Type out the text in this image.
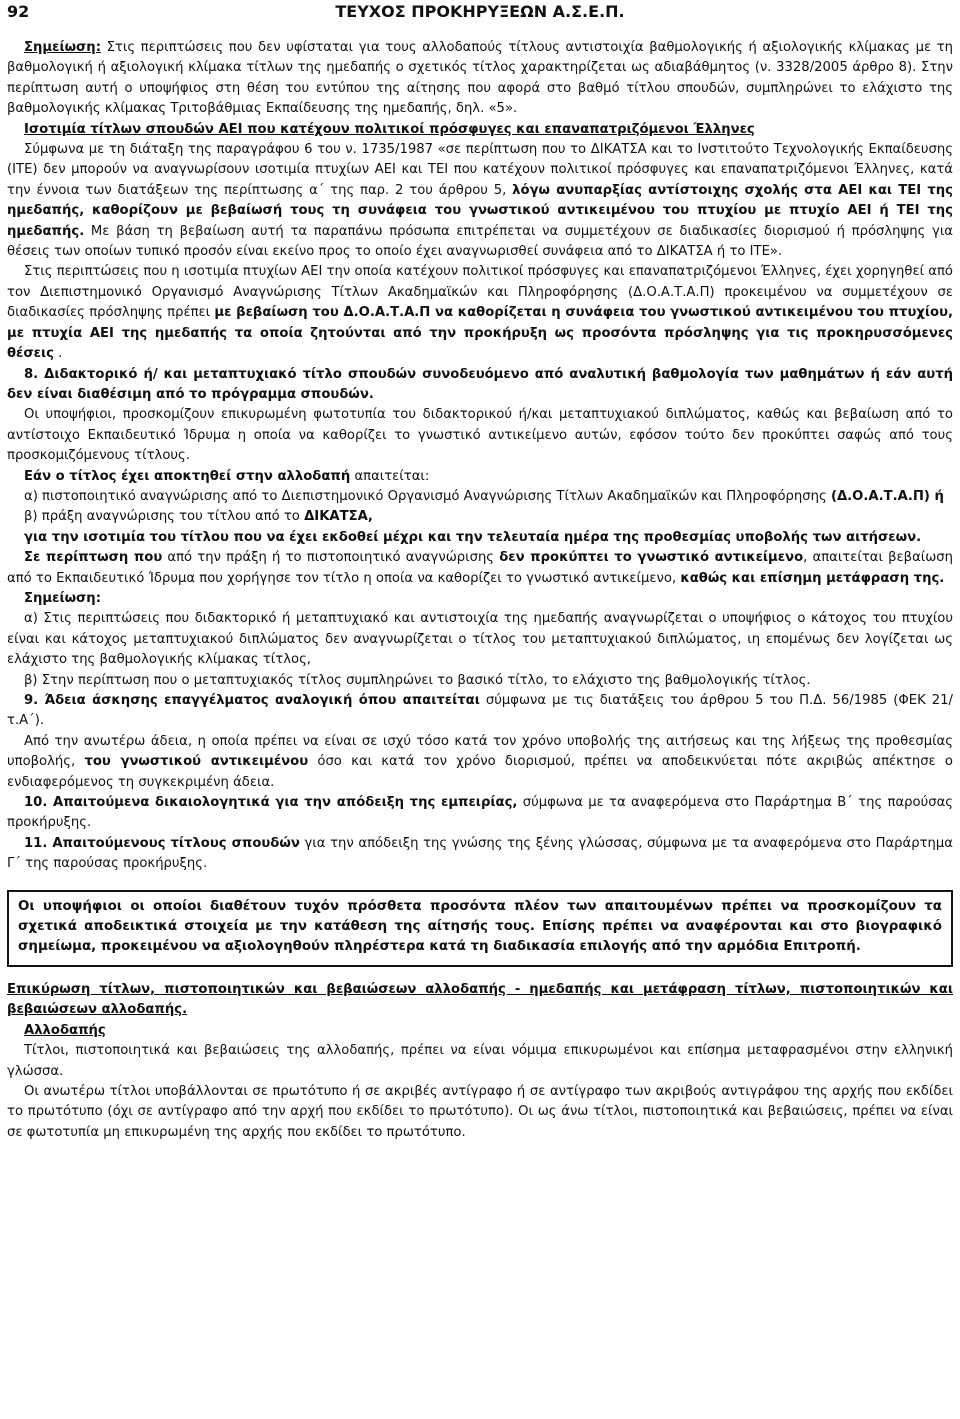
92	ΤΕΥΧΟΣ ΠΡΟΚΗΡΥΞΕΩΝ Α.Σ.Ε.Π.

Σημείωση: Στις περιπτώσεις που δεν υφίσταται για τους αλλοδαπούς τίτλους αντιστοιχία βαθμολογικής ή αξιολογικής κλίμακας με τη βαθμολογική ή αξιολογική κλίμακα τίτλων της ημεδαπής ο σχετικός τίτλος χαρακτηρίζεται ως αδιαβάθμητος (ν. 3328/2005 άρθρο 8). Στην περίπτωση αυτή ο υποψήφιος στη θέση του εντύπου της αίτησης που αφορά στο βαθμό τίτλου σπουδών, συμπληρώνει το ελάχιστο της βαθμολογικής κλίμακας Τριτοβάθμιας Εκπαίδευσης της ημεδαπής, δηλ. «5».

Ισοτιμία τίτλων σπουδών ΑΕΙ που κατέχουν πολιτικοί πρόσφυγες και επαναπατριζόμενοι Έλληνες

Σύμφωνα με τη διάταξη της παραγράφου 6 του ν. 1735/1987 «σε περίπτωση που το ΔΙΚΑΤΣΑ και το Ινστιτούτο Τεχνολογικής Εκπαίδευσης (ΙΤΕ) δεν μπορούν να αναγνωρίσουν ισοτιμία πτυχίων ΑΕΙ και ΤΕΙ που κατέχουν πολιτικοί πρόσφυγες και επαναπατριζόμενοι Έλληνες, κατά την έννοια των διατάξεων της περίπτωσης α΄ της παρ. 2 του άρθρου 5, λόγω ανυπαρξίας αντίστοιχης σχολής στα ΑΕΙ και ΤΕΙ της ημεδαπής, καθορίζουν με βεβαίωσή τους τη συνάφεια του γνωστικού αντικειμένου του πτυχίου με πτυχίο ΑΕΙ ή ΤΕΙ της ημεδαπής. Με βάση τη βεβαίωση αυτή τα παραπάνω πρόσωπα επιτρέπεται να συμμετέχουν σε διαδικασίες διορισμού ή πρόσληψης για θέσεις των οποίων τυπικό προσόν είναι εκείνο προς το οποίο έχει αναγνωρισθεί συνάφεια από το ΔΙΚΑΤΣΑ ή το ΙΤΕ».

Στις περιπτώσεις που η ισοτιμία πτυχίων ΑΕΙ την οποία κατέχουν πολιτικοί πρόσφυγες και επαναπατριζόμενοι Έλληνες, έχει χορηγηθεί από τον Διεπιστημονικό Οργανισμό Αναγνώρισης Τίτλων Ακαδημαϊκών και Πληροφόρησης (Δ.Ο.Α.Τ.Α.Π) προκειμένου να συμμετέχουν σε διαδικασίες πρόσληψης πρέπει με βεβαίωση του Δ.Ο.Α.Τ.Α.Π να καθορίζεται η συνάφεια του γνωστικού αντικειμένου του πτυχίου, με πτυχία ΑΕΙ της ημεδαπής τα οποία ζητούνται από την προκήρυξη ως προσόντα πρόσληψης για τις προκηρυσσόμενες θέσεις .

8. Διδακτορικό ή/ και μεταπτυχιακό τίτλο σπουδών συνοδευόμενο από αναλυτική βαθμολογία των μαθημάτων ή εάν αυτή δεν είναι διαθέσιμη από το πρόγραμμα σπουδών.

Οι υποψήφιοι, προσκομίζουν επικυρωμένη φωτοτυπία του διδακτορικού ή/και μεταπτυχιακού διπλώματος, καθώς και βεβαίωση από το αντίστοιχο Εκπαιδευτικό Ίδρυμα η οποία να καθορίζει το γνωστικό αντικείμενο αυτών, εφόσον τούτο δεν προκύπτει σαφώς από τους προσκομιζόμενους τίτλους.

Εάν ο τίτλος έχει αποκτηθεί στην αλλοδαπή απαιτείται:

α) πιστοποιητικό αναγνώρισης από το Διεπιστημονικό Οργανισμό Αναγνώρισης Τίτλων Ακαδημαϊκών και Πληροφόρησης (Δ.Ο.Α.Τ.Α.Π) ή

β) πράξη αναγνώρισης του τίτλου από το ΔΙΚΑΤΣΑ,

για την ισοτιμία του τίτλου που να έχει εκδοθεί μέχρι και την τελευταία ημέρα της προθεσμίας υποβολής των αιτήσεων.

Σε περίπτωση που από την πράξη ή το πιστοποιητικό αναγνώρισης δεν προκύπτει το γνωστικό αντικείμενο, απαιτείται βεβαίωση από το Εκπαιδευτικό Ίδρυμα που χορήγησε τον τίτλο η οποία να καθορίζει το γνωστικό αντικείμενο, καθώς και επίσημη μετάφραση της.

Σημείωση:

α) Στις περιπτώσεις που διδακτορικό ή μεταπτυχιακό και αντιστοιχία της ημεδαπής αναγνωρίζεται ο υποψήφιος ο κάτοχος του πτυχίου είναι και κάτοχος μεταπτυχιακού διπλώματος δεν αναγνωρίζεται ο τίτλος του μεταπτυχιακού διπλώματος, ιη επομένως δεν λογίζεται ως ελάχιστο της βαθμολογικής κλίμακας τίτλος,

β) Στην περίπτωση που ο μεταπτυχιακός τίτλος συμπληρώνει το βασικό τίτλο, το ελάχιστο της βαθμολογικής τίτλος.

9. Άδεια άσκησης επαγγέλματος αναλογική όπου απαιτείται σύμφωνα με τις διατάξεις του άρθρου 5 του Π.Δ. 56/1985 (ΦΕΚ 21/τ.Α΄).

Από την ανωτέρω άδεια, η οποία πρέπει να είναι σε ισχύ τόσο κατά τον χρόνο υποβολής της αιτήσεως και της λήξεως της προθεσμίας υποβολής, του γνωστικού αντικειμένου όσο και κατά τον χρόνο διορισμού, πρέπει να αποδεικνύεται πότε ακριβώς απέκτησε ο ενδιαφερόμενος τη συγκεκριμένη άδεια.

10. Απαιτούμενα δικαιολογητικά για την απόδειξη της εμπειρίας, σύμφωνα με τα αναφερόμενα στο Παράρτημα Β΄ της παρούσας προκήρυξης.

11. Απαιτούμενους τίτλους σπουδών για την απόδειξη της γνώσης της ξένης γλώσσας, σύμφωνα με τα αναφερόμενα στο Παράρτημα Γ΄ της παρούσας προκήρυξης.

Οι υποψήφιοι οι οποίοι διαθέτουν τυχόν πρόσθετα προσόντα πλέον των απαιτουμένων πρέπει να προσκομίζουν τα σχετικά αποδεικτικά στοιχεία με την κατάθεση της αίτησής τους. Επίσης πρέπει να αναφέρονται και στο βιογραφικό σημείωμα, προκειμένου να αξιολογηθούν πληρέστερα κατά τη διαδικασία επιλογής από την αρμόδια Επιτροπή.

Επικύρωση τίτλων, πιστοποιητικών και βεβαιώσεων αλλοδαπής - ημεδαπής και μετάφραση τίτλων, πιστοποιητικών και βεβαιώσεων αλλοδαπής.

Αλλοδαπής

Τίτλοι, πιστοποιητικά και βεβαιώσεις της αλλοδαπής, πρέπει να είναι νόμιμα επικυρωμένοι και επίσημα μεταφρασμένοι στην ελληνική γλώσσα.

Οι ανωτέρω τίτλοι υποβάλλονται σε πρωτότυπο ή σε ακριβές αντίγραφο ή σε αντίγραφο των ακριβούς αντιγράφου της αρχής που εκδίδει το πρωτότυπο (όχι σε αντίγραφο από την αρχή που εκδίδει το πρωτότυπο). Οι ως άνω τίτλοι, πιστοποιητικά και βεβαιώσεις, πρέπει να είναι σε φωτοτυπία μη επικυρωμένη της αρχής που εκδίδει το πρωτότυπο.
